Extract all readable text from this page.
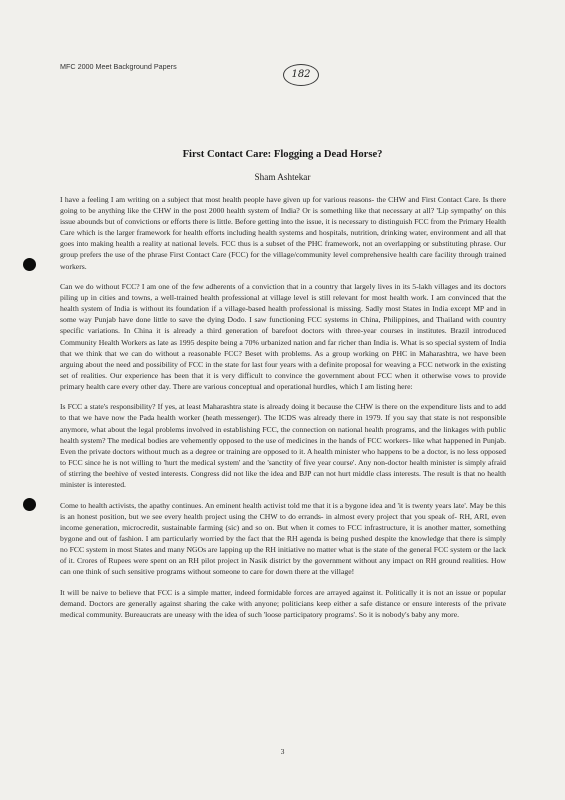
MFC 2000 Meet Background Papers
182
First Contact Care: Flogging a Dead Horse?
Sham Ashtekar

I have a feeling I am writing on a subject that most health people have given up for various reasons- the CHW and First Contact Care. Is there going to be anything like the CHW in the post 2000 health system of India? Or is something like that necessary at all? 'Lip sympathy' on this issue abounds but of convictions or efforts there is little. Before getting into the issue, it is necessary to distinguish FCC from the Primary Health Care which is the larger framework for health efforts including health systems and hospitals, nutrition, drinking water, environment and all that goes into making health a reality at national levels. FCC thus is a subset of the PHC framework, not an overlapping or substituting phrase. Our group prefers the use of the phrase First Contact Care (FCC) for the village/community level comprehensive health care facility through trained workers.

Can we do without FCC? I am one of the few adherents of a conviction that in a country that largely lives in its 5-lakh villages and its doctors piling up in cities and towns, a well-trained health professional at village level is still relevant for most health work. I am convinced that the health system of India is without its foundation if a village-based health professional is missing. Sadly most States in India except MP and in some way Punjab have done little to save the dying Dodo. I saw functioning FCC systems in China, Philippines, and Thailand with country specific variations. In China it is already a third generation of barefoot doctors with three-year courses in institutes. Brazil introduced Community Health Workers as late as 1995 despite being a 70% urbanized nation and far richer than India is. What is so special system of India that we think that we can do without a reasonable FCC? Beset with problems. As a group working on PHC in Maharashtra, we have been arguing about the need and possibility of FCC in the state for last four years with a definite proposal for weaving a FCC network in the existing set of realities. Our experience has been that it is very difficult to convince the government about FCC when it otherwise vows to provide primary health care every other day. There are various conceptual and operational hurdles, which I am listing here:

Is FCC a state's responsibility? If yes, at least Maharashtra state is already doing it because the CHW is there on the expenditure lists and to add to that we have now the Pada health worker (heath messenger). The ICDS was already there in 1979. If you say that state is not responsible anymore, what about the legal problems involved in establishing FCC, the connection on national health programs, and the linkages with public health system? The medical bodies are vehemently opposed to the use of medicines in the hands of FCC workers- like what happened in Punjab. Even the private doctors without much as a degree or training are opposed to it. A health minister who happens to be a doctor, is no less opposed to FCC since he is not willing to 'hurt the medical system' and the 'sanctity of five year course'. Any non-doctor health minister is simply afraid of stirring the beehive of vested interests. Congress did not like the idea and BJP can not hurt middle class interests. The result is that no health minister is interested.

Come to health activists, the apathy continues. An eminent health activist told me that it is a bygone idea and 'it is twenty years late'. May be this is an honest position, but we see every health project using the CHW to do errands- in almost every project that you speak of- RH, ARI, even income generation, microcredit, sustainable farming (sic) and so on. But when it comes to FCC infrastructure, it is another matter, something bygone and out of fashion. I am particularly worried by the fact that the RH agenda is being pushed despite the knowledge that there is simply no FCC system in most States and many NGOs are lapping up the RH initiative no matter what is the state of the general FCC system or the lack of it. Crores of Rupees were spent on an RH pilot project in Nasik district by the government without any impact on RH ground realities. How can one think of such sensitive programs without someone to care for down there at the village!

It will be naive to believe that FCC is a simple matter, indeed formidable forces are arrayed against it. Politically it is not an issue or popular demand. Doctors are generally against sharing the cake with anyone; politicians keep either a safe distance or ensure interests of the private medical community. Bureaucrats are uneasy with the idea of such 'loose participatory programs'. So it is nobody's baby any more.

3
